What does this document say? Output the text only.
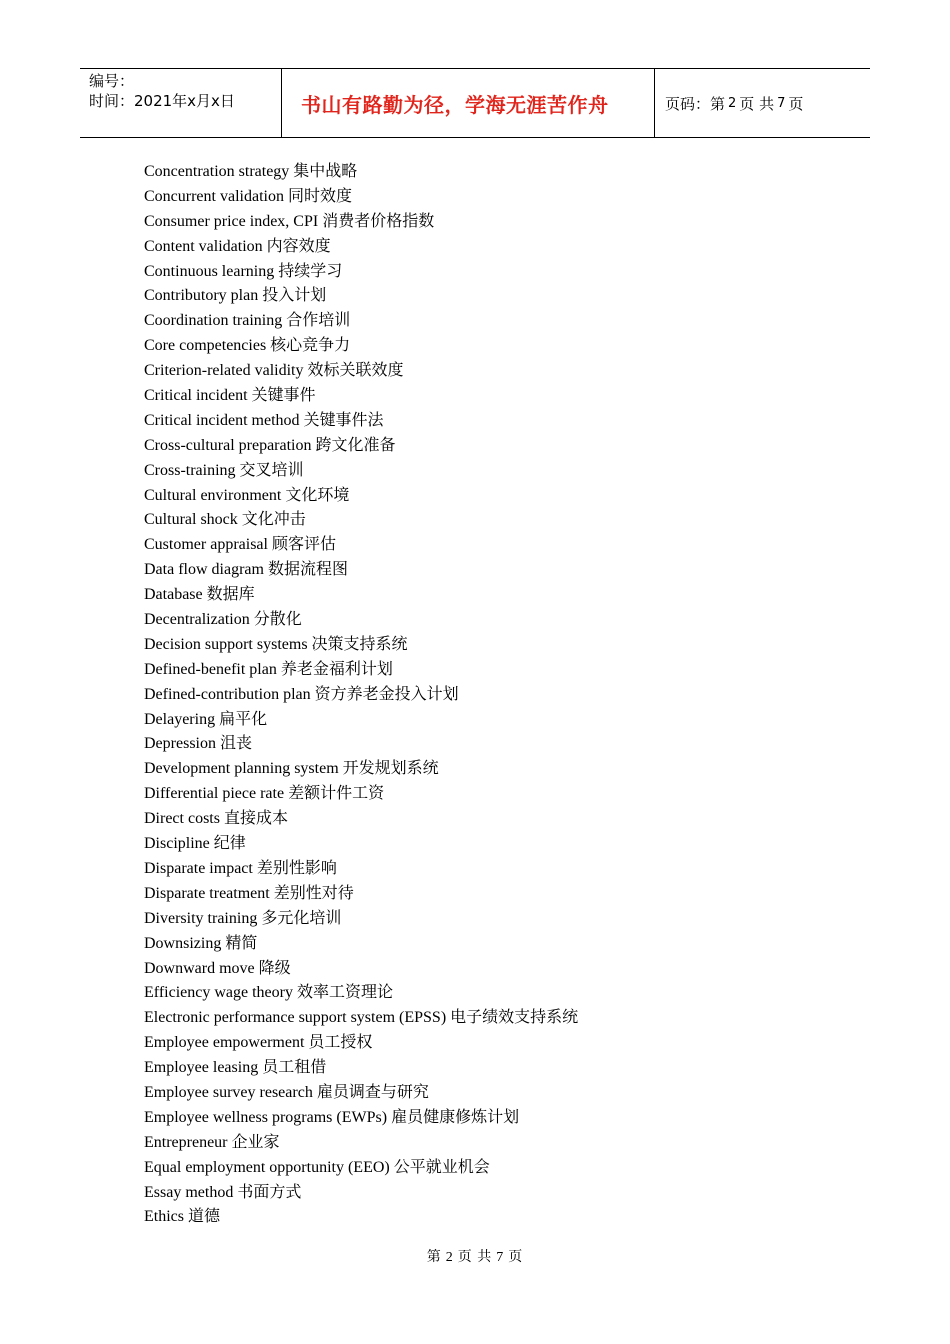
编号：
时间：2021年x月x日	书山有路勤为径，学海无涯苦作舟	页码：第 2 页 共 7 页
Concentration strategy 集中战略
Concurrent validation 同时效度
Consumer price index, CPI 消费者价格指数
Content validation 内容效度
Continuous learning 持续学习
Contributory plan 投入计划
Coordination training 合作培训
Core competencies 核心竞争力
Criterion-related validity 效标关联效度
Critical incident 关键事件
Critical incident method 关键事件法
Cross-cultural preparation 跨文化准备
Cross-training 交叉培训
Cultural environment 文化环境
Cultural shock 文化冲击
Customer appraisal 顾客评估
Data flow diagram 数据流程图
Database 数据库
Decentralization 分散化
Decision support systems 决策支持系统
Defined-benefit plan 养老金福利计划
Defined-contribution plan 资方养老金投入计划
Delayering 扁平化
Depression 沮丧
Development planning system 开发规划系统
Differential piece rate 差额计件工资
Direct costs 直接成本
Discipline 纪律
Disparate impact 差别性影响
Disparate treatment 差别性对待
Diversity training 多元化培训
Downsizing 精简
Downward move 降级
Efficiency wage theory 效率工资理论
Electronic performance support system (EPSS) 电子绩效支持系统
Employee empowerment 员工授权
Employee leasing 员工租借
Employee survey research 雇员调查与研究
Employee wellness programs (EWPs) 雇员健康修炼计划
Entrepreneur 企业家
Equal employment opportunity (EEO) 公平就业机会
Essay method 书面方式
Ethics 道德
第 2 页 共 7 页
